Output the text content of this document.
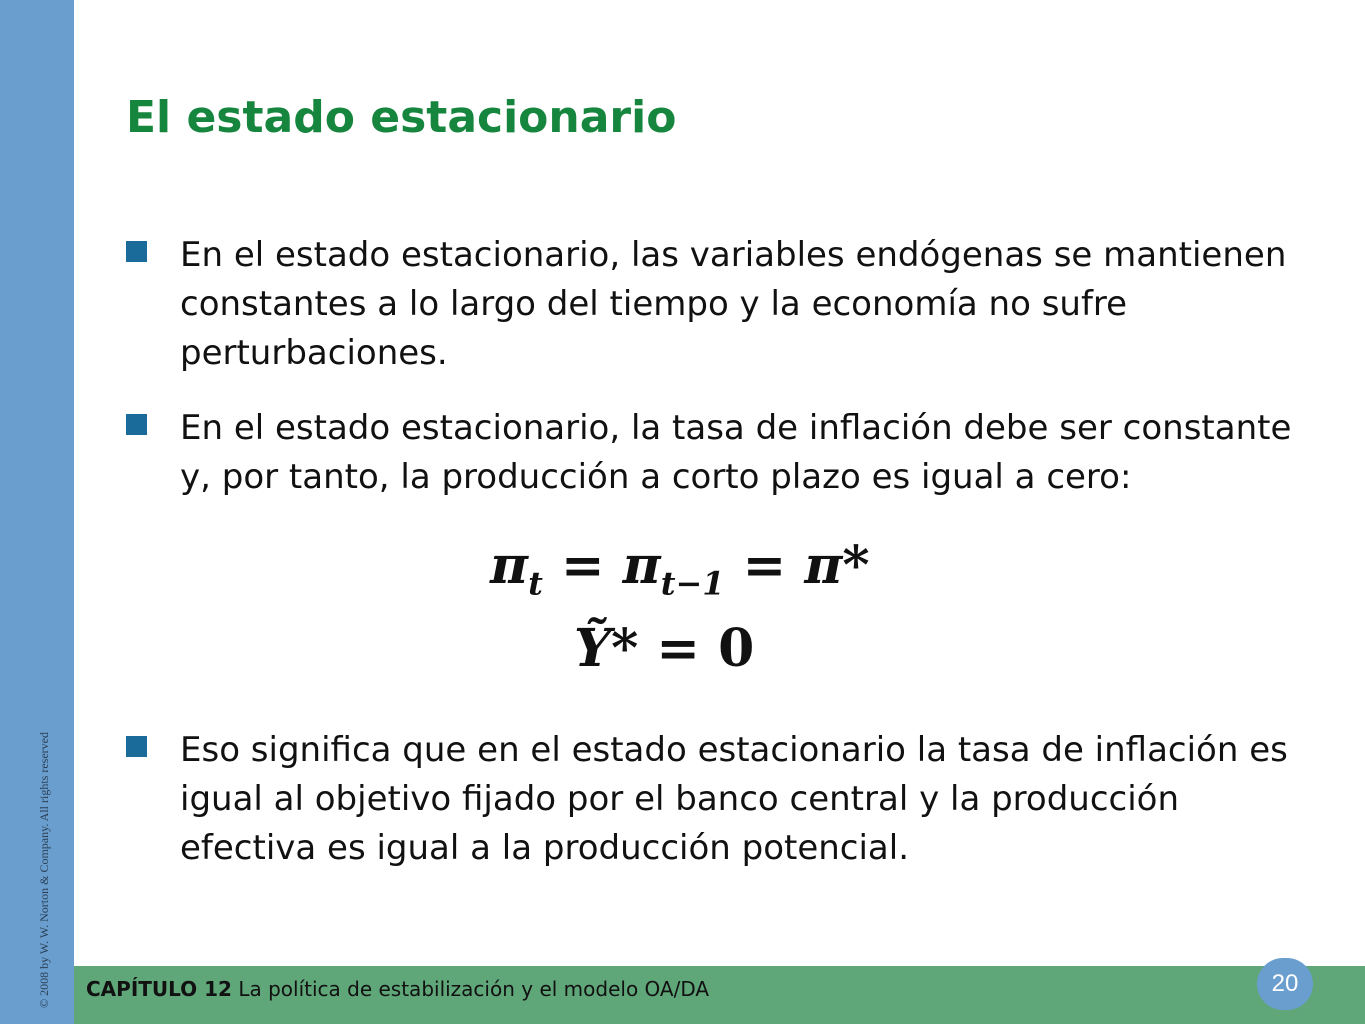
© 2008 by W. W. Norton & Company. All rights reserved
El estado estacionario
En el estado estacionario, las variables endógenas se mantienen constantes a lo largo del tiempo y la economía no sufre perturbaciones.
En el estado estacionario, la tasa de inflación debe ser constante y, por tanto, la producción a corto plazo es igual a cero:
$\pi_t = \pi_{t-1} = \pi*$
Ỹ* = 0
Eso significa que en el estado estacionario la tasa de inflación es igual al objetivo fijado por el banco central y la producción efectiva es igual a la producción potencial.
CAPÍTULO 12 La política de estabilización y el modelo OA/DA	20
